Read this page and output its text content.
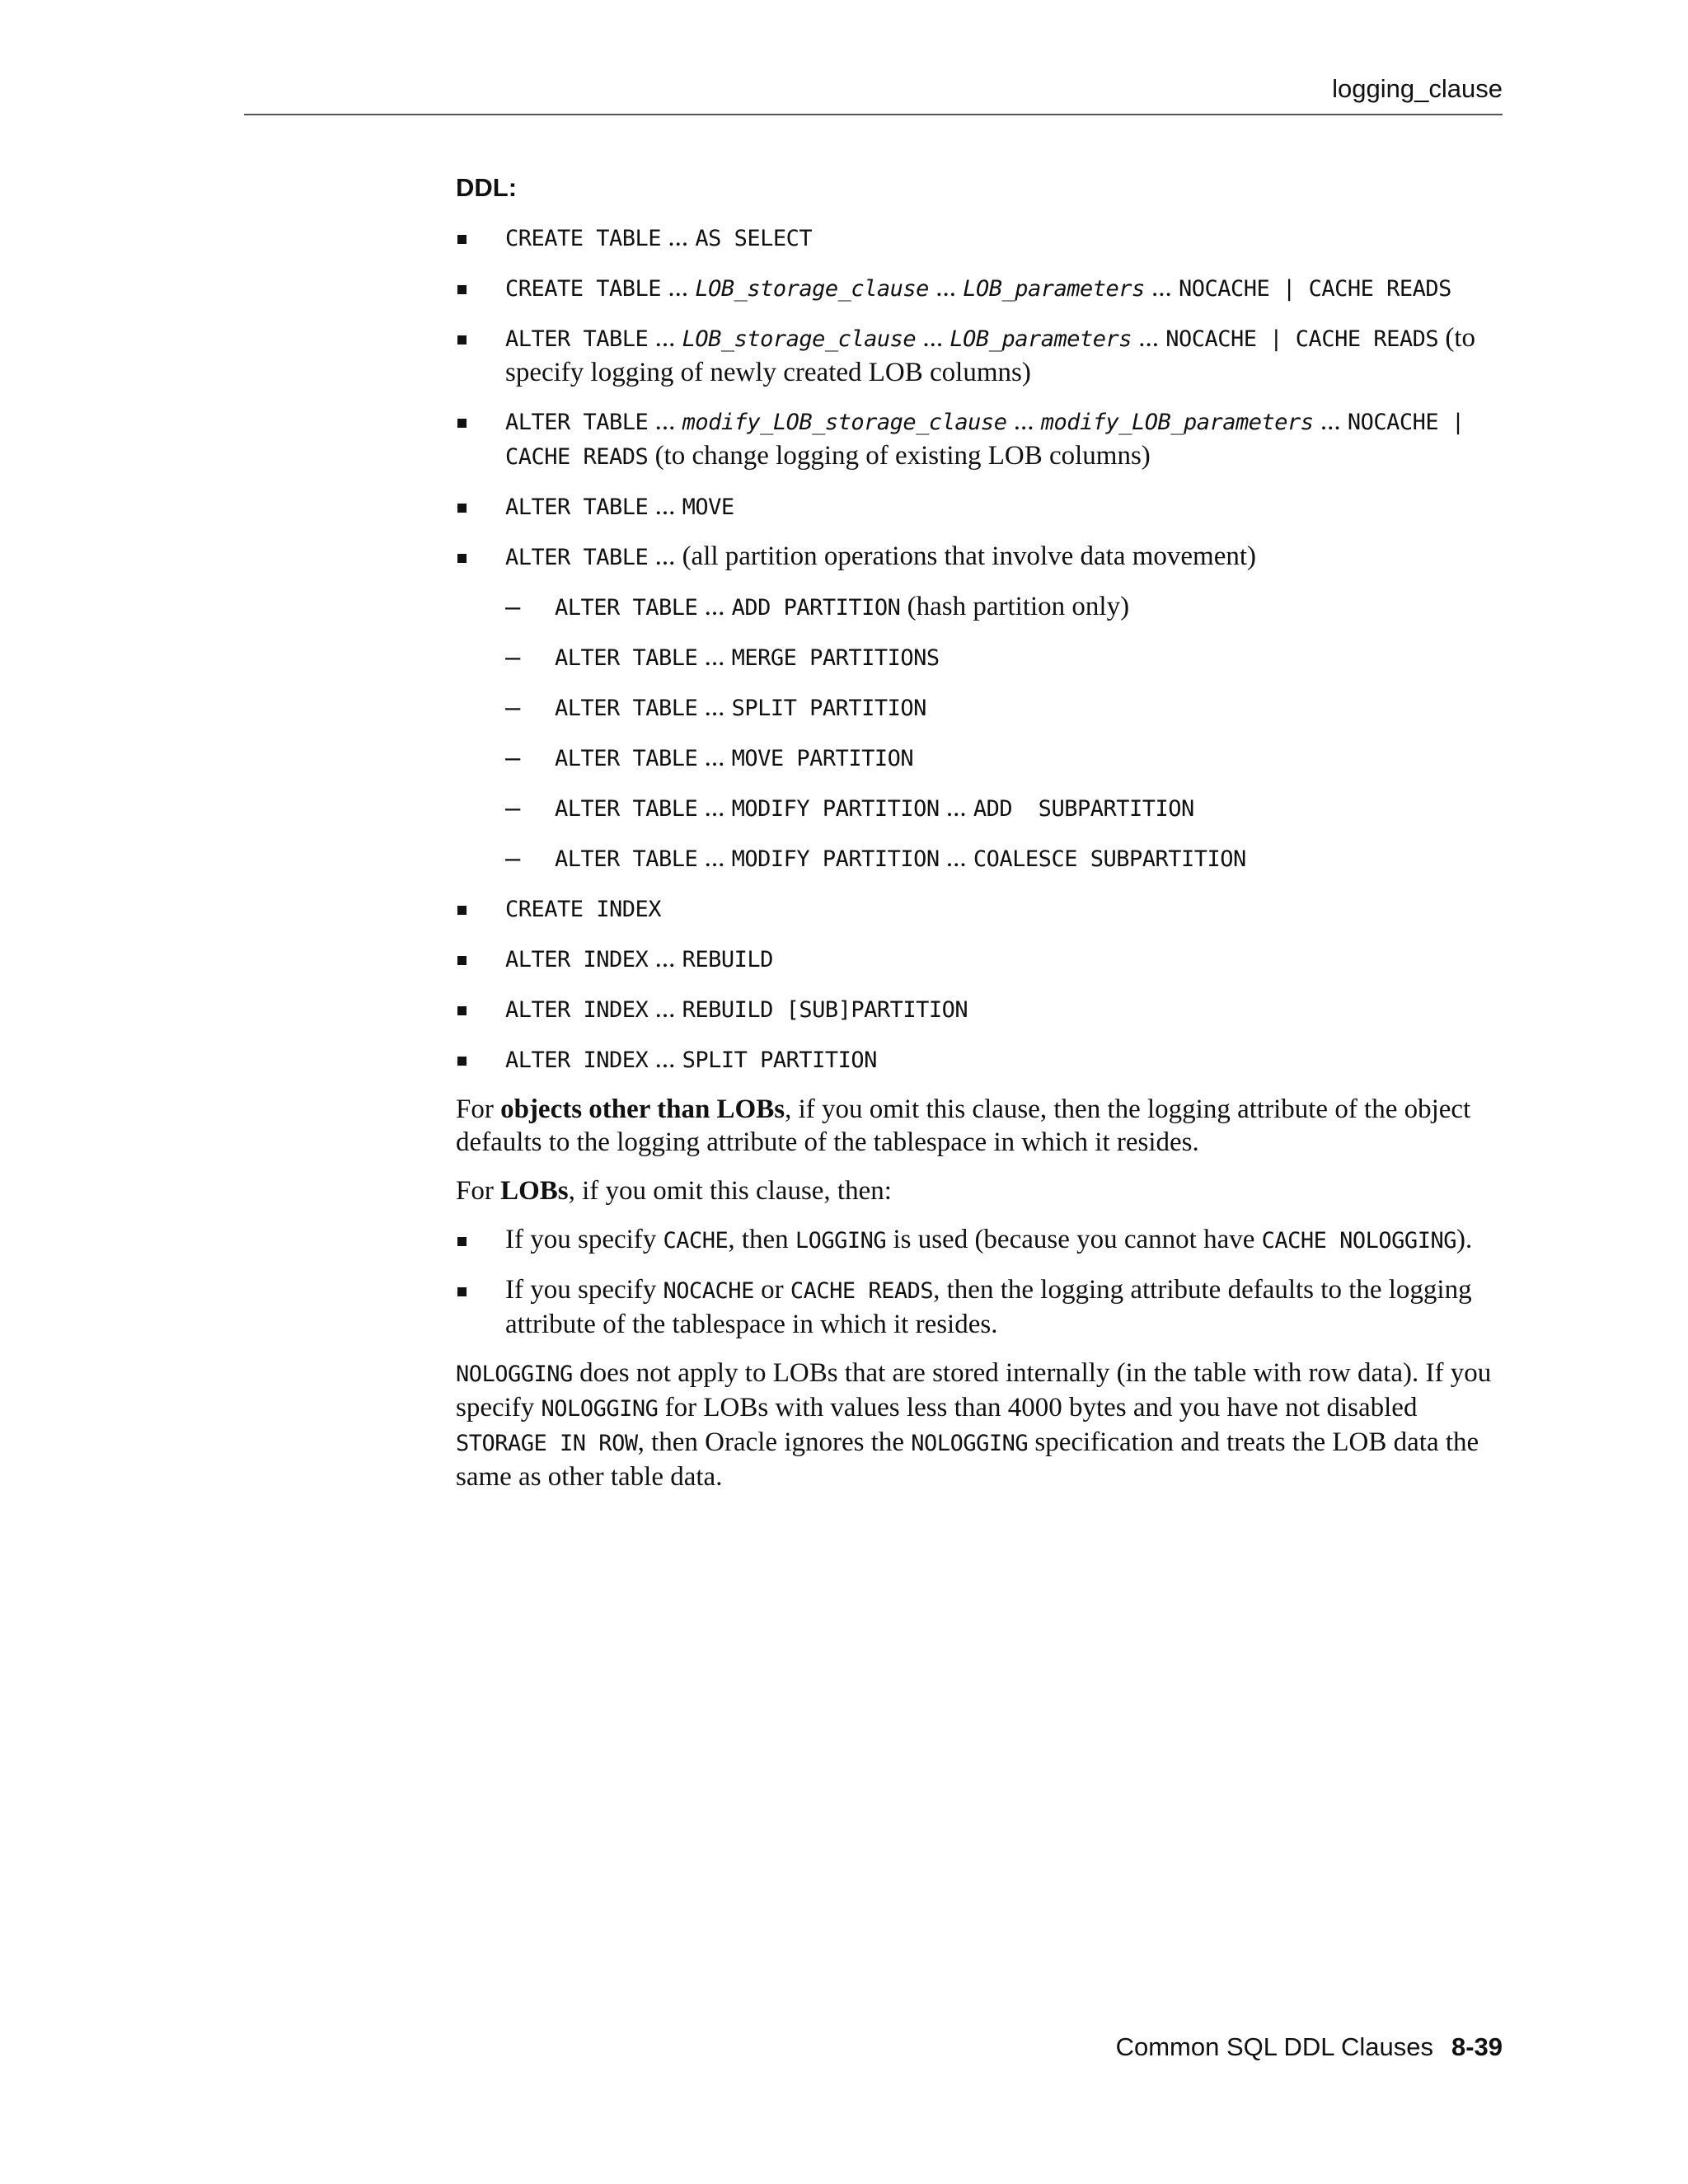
logging_clause
DDL:
CREATE TABLE ... AS SELECT
CREATE TABLE ... LOB_storage_clause ... LOB_parameters ... NOCACHE | CACHE READS
ALTER TABLE ... LOB_storage_clause ... LOB_parameters ... NOCACHE | CACHE READS (to specify logging of newly created LOB columns)
ALTER TABLE ... modify_LOB_storage_clause ... modify_LOB_parameters ... NOCACHE | CACHE READS (to change logging of existing LOB columns)
ALTER TABLE ... MOVE
ALTER TABLE ... (all partition operations that involve data movement)
– ALTER TABLE ... ADD PARTITION (hash partition only)
– ALTER TABLE ... MERGE PARTITIONS
– ALTER TABLE ... SPLIT PARTITION
– ALTER TABLE ... MOVE PARTITION
– ALTER TABLE ... MODIFY PARTITION ... ADD  SUBPARTITION
– ALTER TABLE ... MODIFY PARTITION ... COALESCE SUBPARTITION
CREATE INDEX
ALTER INDEX ... REBUILD
ALTER INDEX ... REBUILD [SUB]PARTITION
ALTER INDEX ... SPLIT PARTITION

For objects other than LOBs, if you omit this clause, then the logging attribute of the object defaults to the logging attribute of the tablespace in which it resides.

For LOBs, if you omit this clause, then:

If you specify CACHE, then LOGGING is used (because you cannot have CACHE NOLOGGING).
If you specify NOCACHE or CACHE READS, then the logging attribute defaults to the logging attribute of the tablespace in which it resides.

NOLOGGING does not apply to LOBs that are stored internally (in the table with row data). If you specify NOLOGGING for LOBs with values less than 4000 bytes and you have not disabled STORAGE IN ROW, then Oracle ignores the NOLOGGING specification and treats the LOB data the same as other table data.

Common SQL DDL Clauses 8-39
